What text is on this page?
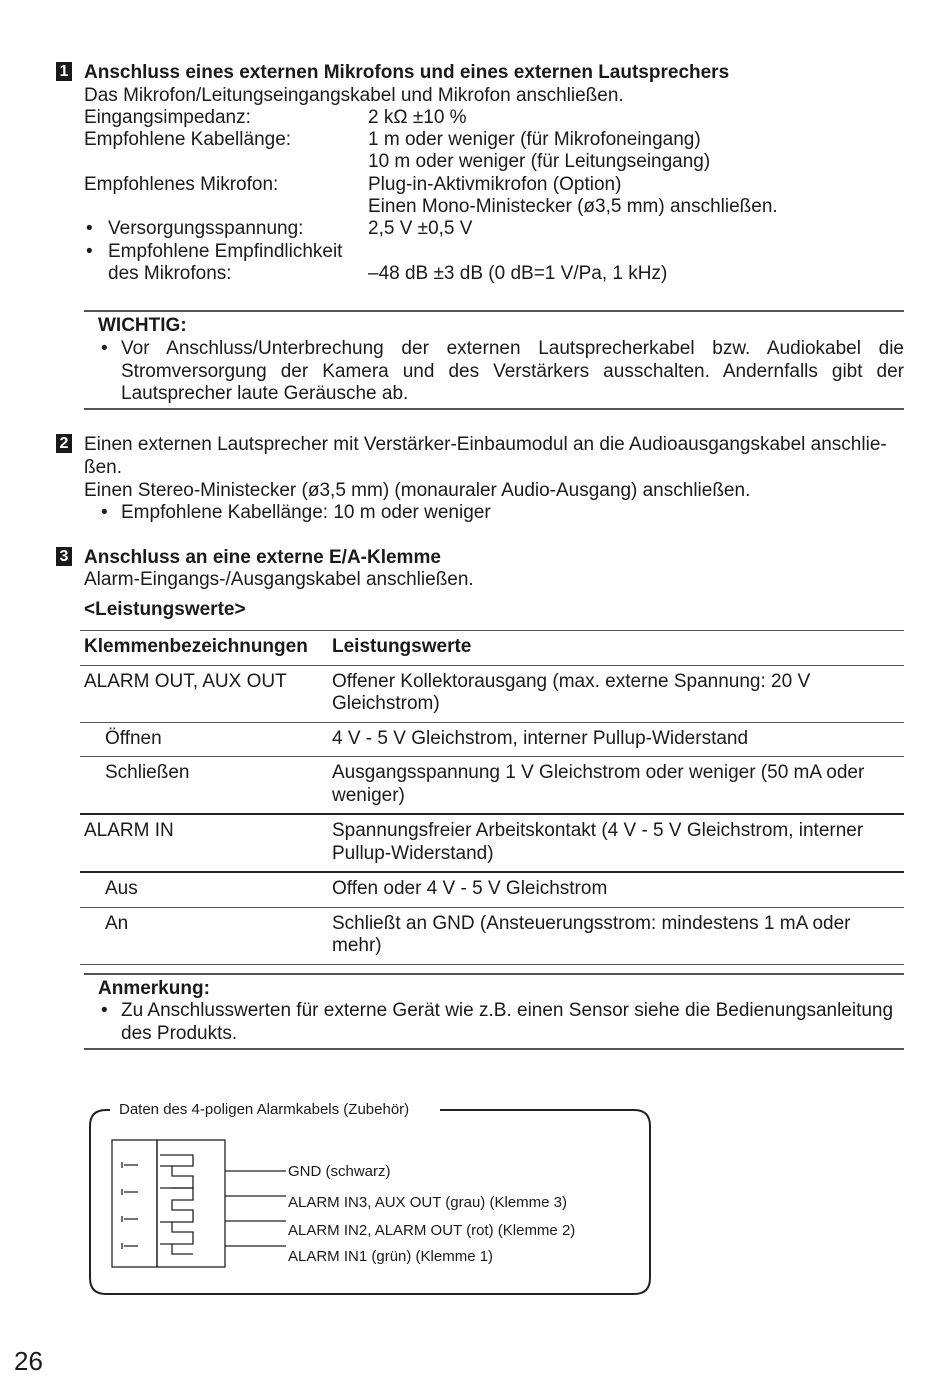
1 Anschluss eines externen Mikrofons und eines externen Lautsprechers
Das Mikrofon/Leitungseingangskabel und Mikrofon anschließen.
Eingangsimpedanz:	2 kΩ ±10 %
Empfohlene Kabellänge:	1 m oder weniger (für Mikrofoneingang)
10 m oder weniger (für Leitungseingang)
Empfohlenes Mikrofon:	Plug-in-Aktivmikrofon (Option)
Einen Mono-Ministecker (ø3,5 mm) anschließen.
• Versorgungsspannung:	2,5 V ±0,5 V
• Empfohlene Empfindlichkeit
des Mikrofons:	–48 dB ±3 dB (0 dB=1 V/Pa, 1 kHz)
WICHTIG:
• Vor Anschluss/Unterbrechung der externen Lautsprecherkabel bzw. Audiokabel die Stromversorgung der Kamera und des Verstärkers ausschalten. Andernfalls gibt der Lautsprecher laute Geräusche ab.
2 Einen externen Lautsprecher mit Verstärker-Einbaumodul an die Audioausgangskabel anschlie-ßen.
Einen Stereo-Ministecker (ø3,5 mm) (monauraler Audio-Ausgang) anschließen.
• Empfohlene Kabellänge: 10 m oder weniger
3 Anschluss an eine externe E/A-Klemme
Alarm-Eingangs-/Ausgangskabel anschließen.
<Leistungswerte>
Klemmenbezeichnungen	Leistungswerte
ALARM OUT, AUX OUT	Offener Kollektorausgang (max. externe Spannung: 20 V Gleichstrom)
Öffnen	4 V - 5 V Gleichstrom, interner Pullup-Widerstand
Schließen	Ausgangsspannung 1 V Gleichstrom oder weniger (50 mA oder weniger)
ALARM IN	Spannungsfreier Arbeitskontakt (4 V - 5 V Gleichstrom, interner Pullup-Widerstand)
Aus	Offen oder 4 V - 5 V Gleichstrom
An	Schließt an GND (Ansteuerungsstrom: mindestens 1 mA oder mehr)
Anmerkung:
• Zu Anschlusswerten für externe Gerät wie z.B. einen Sensor siehe die Bedienungsanleitung des Produkts.
Daten des 4-poligen Alarmkabels (Zubehör)
GND (schwarz)
ALARM IN3, AUX OUT (grau) (Klemme 3)
ALARM IN2, ALARM OUT (rot) (Klemme 2)
ALARM IN1 (grün) (Klemme 1)
26
